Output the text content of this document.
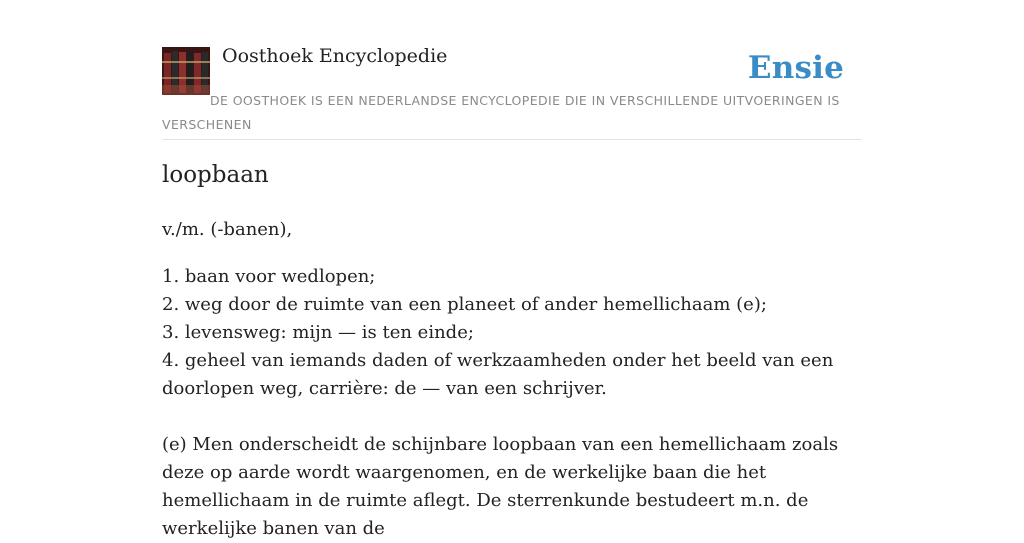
Oosthoek Encyclopedie	Ensie
DE OOSTHOEK IS EEN NEDERLANDSE ENCYCLOPEDIE DIE IN VERSCHILLENDE UITVOERINGEN IS VERSCHENEN
loopbaan

v./m. (-banen),

1. baan voor wedlopen;
2. weg door de ruimte van een planeet of ander hemellichaam (e);
3. levensweg: mijn — is ten einde;
4. geheel van iemands daden of werkzaamheden onder het beeld van een doorlopen weg, carrière: de — van een schrijver.

(e) Men onderscheidt de schijnbare loopbaan van een hemellichaam zoals deze op aarde wordt waargenomen, en de werkelijke baan die het hemellichaam in de ruimte aflegt. De sterrenkunde bestudeert m.n. de werkelijke banen van de
